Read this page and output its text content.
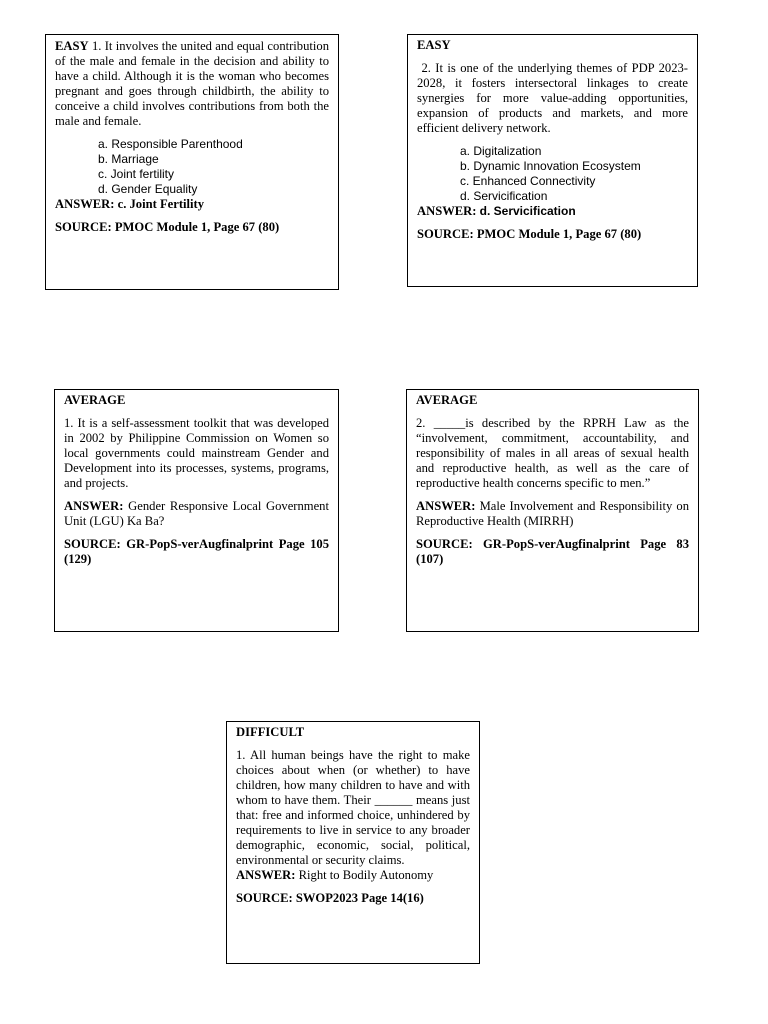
EASY 1. It involves the united and equal contribution of the male and female in the decision and ability to have a child. Although it is the woman who becomes pregnant and goes through childbirth, the ability to conceive a child involves contributions from both the male and female.

a. Responsible Parenthood

b. Marriage

c. Joint fertility

d. Gender Equality

ANSWER: c. Joint Fertility

SOURCE: PMOC Module 1, Page 67 (80)

EASY

2. It is one of the underlying themes of PDP 2023-2028, it fosters intersectoral linkages to create synergies for more value-adding opportunities, expansion of products and markets, and more efficient delivery network.

a. Digitalization

b. Dynamic Innovation Ecosystem

c. Enhanced Connectivity

d. Servicification

ANSWER: d. Servicification

SOURCE: PMOC Module 1, Page 67 (80)

AVERAGE

1. It is a self-assessment toolkit that was developed in 2002 by Philippine Commission on Women so local governments could mainstream Gender and Development into its processes, systems, programs, and projects.

ANSWER: Gender Responsive Local Government Unit (LGU) Ka Ba?

SOURCE: GR-PopS-verAugfinalprint Page 105 (129)

AVERAGE

2. _____is described by the RPRH Law as the “involvement, commitment, accountability, and responsibility of males in all areas of sexual health and reproductive health, as well as the care of reproductive health concerns specific to men.”

ANSWER: Male Involvement and Responsibility on Reproductive Health (MIRRH)

SOURCE: GR-PopS-verAugfinalprint Page 83 (107)

DIFFICULT

1. All human beings have the right to make choices about when (or whether) to have children, how many children to have and with whom to have them. Their ______ means just that: free and informed choice, unhindered by requirements to live in service to any broader demographic, economic, social, political, environmental or security claims.

ANSWER: Right to Bodily Autonomy

SOURCE: SWOP2023 Page 14(16)
